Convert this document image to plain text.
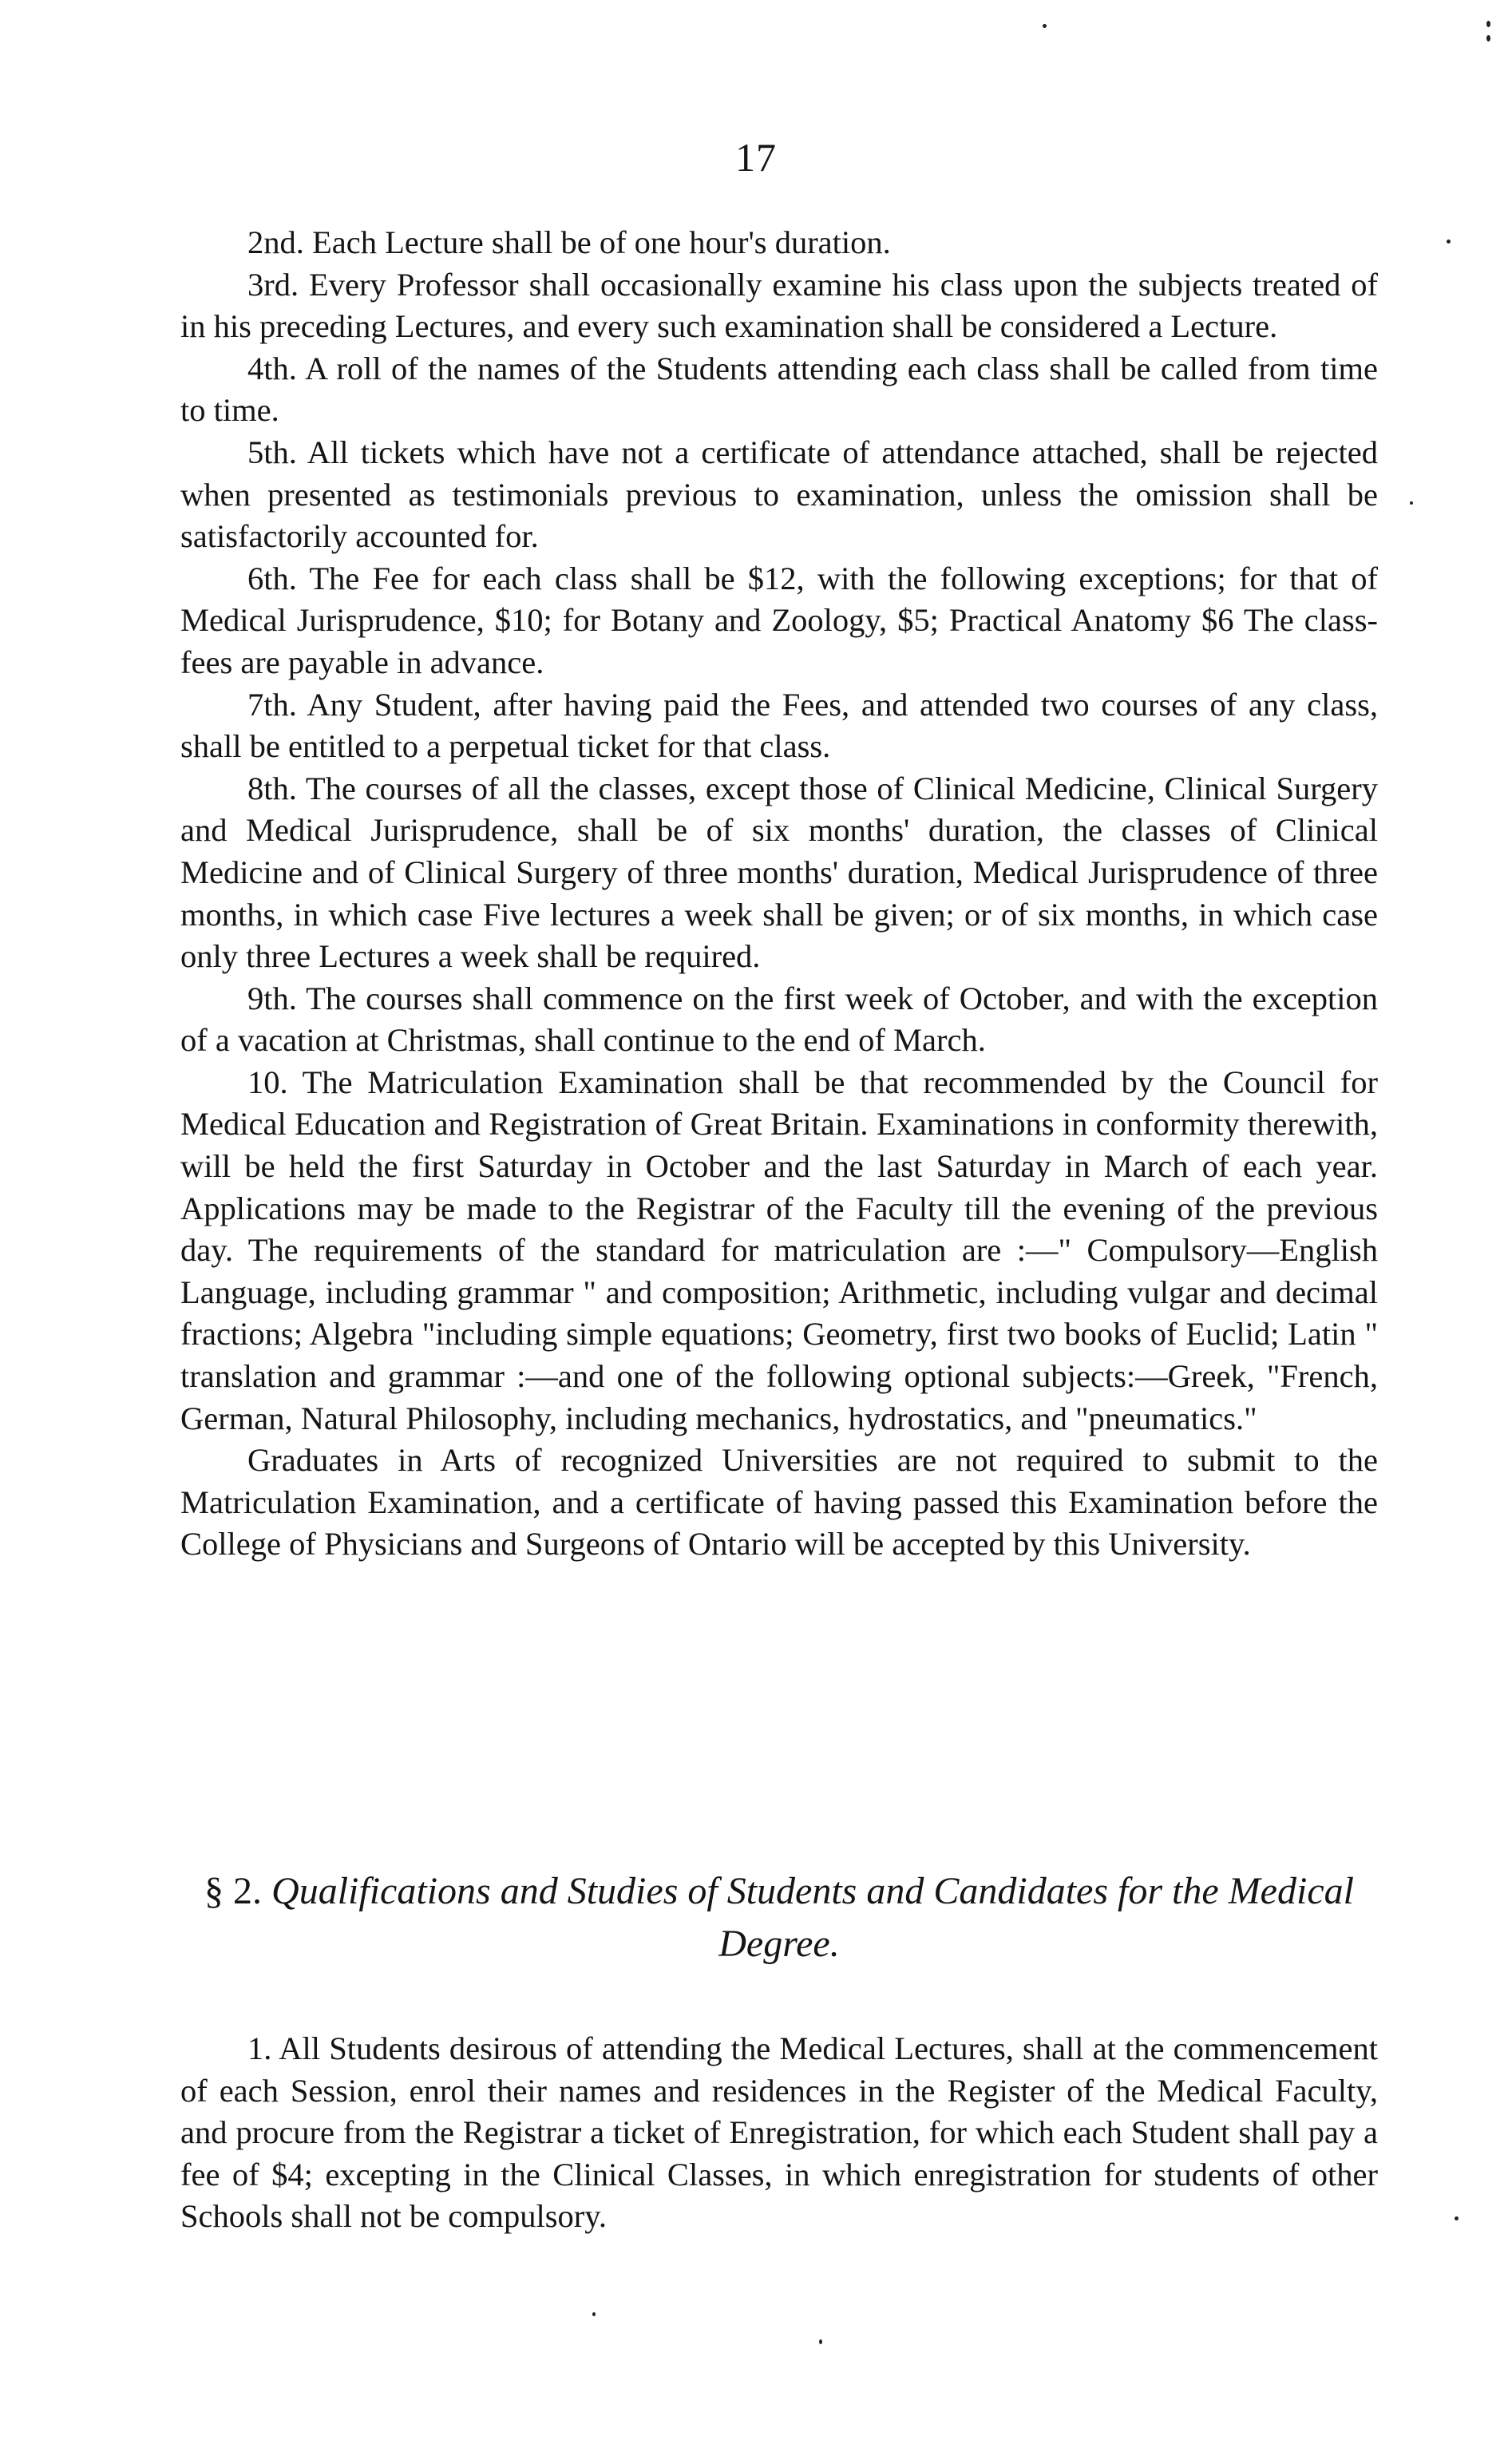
17

2nd. Each Lecture shall be of one hour's duration.

3rd. Every Professor shall occasionally examine his class upon the subjects treated of in his preceding Lectures, and every such examination shall be considered a Lecture.

4th. A roll of the names of the Students attending each class shall be called from time to time.

5th. All tickets which have not a certificate of attendance attached, shall be rejected when presented as testimonials previous to examination, unless the omission shall be satisfactorily accounted for.

6th. The Fee for each class shall be $12, with the following exceptions; for that of Medical Jurisprudence, $10; for Botany and Zoology, $5; Practical Anatomy $6 The class-fees are payable in advance.

7th. Any Student, after having paid the Fees, and attended two courses of any class, shall be entitled to a perpetual ticket for that class.

8th. The courses of all the classes, except those of Clinical Medicine, Clinical Surgery and Medical Jurisprudence, shall be of six months' duration, the classes of Clinical Medicine and of Clinical Surgery of three months' duration, Medical Jurisprudence of three months, in which case Five lectures a week shall be given; or of six months, in which case only three Lectures a week shall be required.

9th. The courses shall commence on the first week of October, and with the exception of a vacation at Christmas, shall continue to the end of March.

10. The Matriculation Examination shall be that recommended by the Council for Medical Education and Registration of Great Britain. Examinations in conformity therewith, will be held the first Saturday in October and the last Saturday in March of each year. Applications may be made to the Registrar of the Faculty till the evening of the previous day. The requirements of the standard for matriculation are :—" Compulsory—English Language, including grammar " and composition; Arithmetic, including vulgar and decimal fractions; Algebra "including simple equations; Geometry, first two books of Euclid; Latin " translation and grammar :—and one of the following optional subjects:—Greek, "French, German, Natural Philosophy, including mechanics, hydrostatics, and "pneumatics."

Graduates in Arts of recognized Universities are not required to submit to the Matriculation Examination, and a certificate of having passed this Examination before the College of Physicians and Surgeons of Ontario will be accepted by this University.

§ 2. Qualifications and Studies of Students and Candidates for the Medical Degree.

1. All Students desirous of attending the Medical Lectures, shall at the commencement of each Session, enrol their names and residences in the Register of the Medical Faculty, and procure from the Registrar a ticket of Enregistration, for which each Student shall pay a fee of $4; excepting in the Clinical Classes, in which enregistration for students of other Schools shall not be compulsory.
